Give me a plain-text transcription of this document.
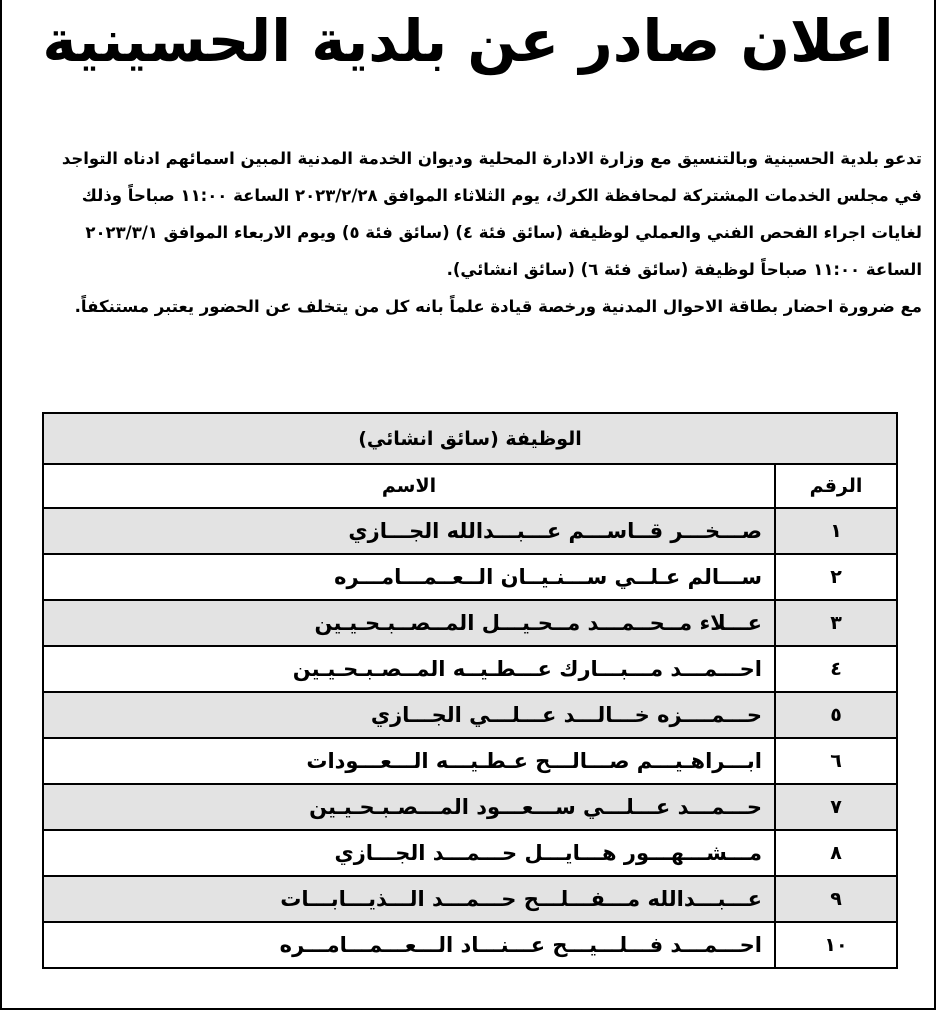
اعلان صادر عن بلدية الحسينية

تدعو بلدية الحسينية وبالتنسيق مع وزارة الادارة المحلية وديوان الخدمة المدنية المبين اسمائهم ادناه التواجد

في مجلس الخدمات المشتركة لمحافظة الكرك، يوم الثلاثاء الموافق ٢٠٢٣/٢/٢٨ الساعة ١١:٠٠ صباحاً وذلك

لغايات اجراء الفحص الفني والعملي لوظيفة (سائق فئة ٤) (سائق فئة ٥) ويوم الاربعاء الموافق ٢٠٢٣/٣/١

الساعة ١١:٠٠ صباحاً لوظيفة (سائق فئة ٦) (سائق انشائي).

مع ضرورة احضار بطاقة الاحوال المدنية ورخصة قيادة علماً بانه كل من يتخلف عن الحضور يعتبر مستنكفاً.

الوظيفة (سائق انشائي)	
الرقم	الاسم
١	صـــخـــر قــاســـم عـــبـــدالله الجـــازي
٢	ســـالم عـلــي ســـنـيــان الــعــمـــامـــره
٣	عـــلاء مــحــمـــد مــحـيـــل المــصــبـحـيـين
٤	احـــمـــد مـــبـــارك عـــطـيــه المــصـبـحـيـين
٥	حـــمــــزه خـــالـــد عـــلـــي الجـــازي
٦	ابـــراهـيـــم صـــالـــح عـطـيـــه الـــعـــودات
٧	حـــمـــد عـــلـــي ســـعـــود المـــصـبـحـيـين
٨	مـــشـــهـــور هـــايـــل حـــمـــد الجـــازي
٩	عـــبـــدالله مـــفـــلـــح حـــمـــد الـــذيـــابـــات
١٠	احـــمـــد فـــلـــيـــح عـــنـــاد الـــعـــمـــامـــره
